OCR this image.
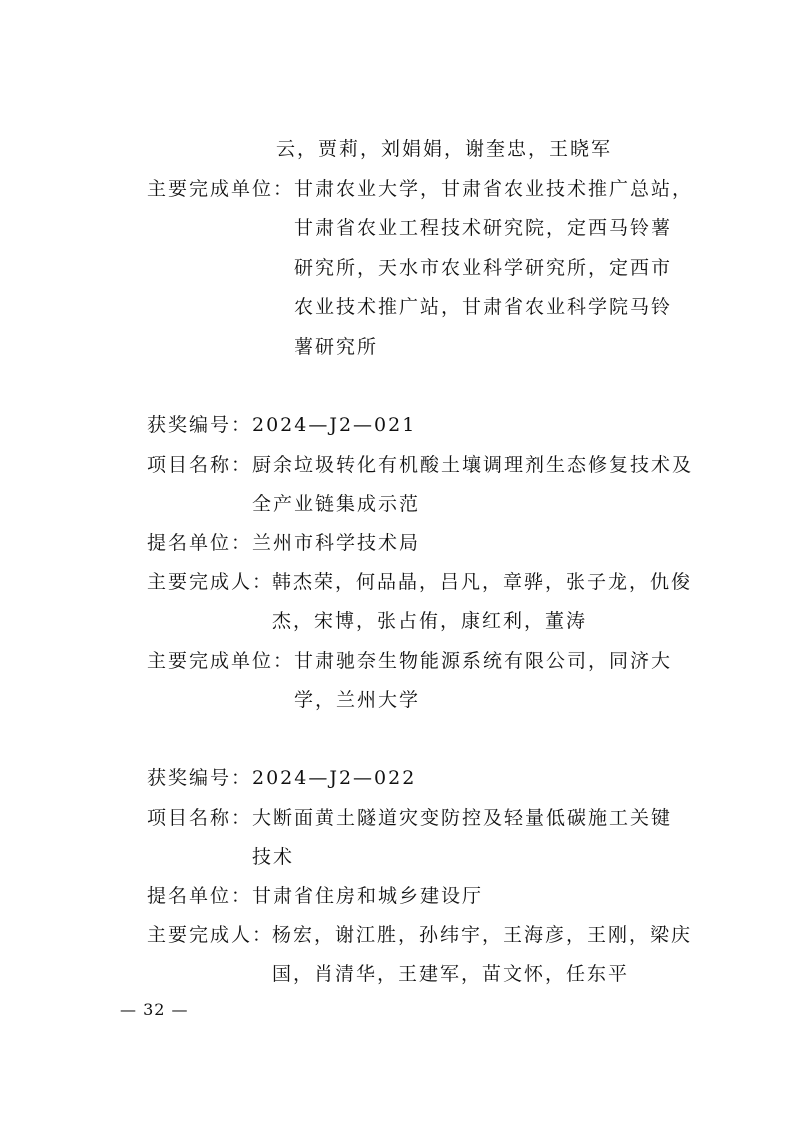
云，贾莉，刘娟娟，谢奎忠，王晓军
主要完成单位： 甘肃农业大学，甘肃省农业技术推广总站，
甘肃省农业工程技术研究院，定西马铃薯
研究所，天水市农业科学研究所，定西市
农业技术推广站，甘肃省农业科学院马铃
薯研究所
获奖编号：2024—J2—021
项目名称： 厨余垃圾转化有机酸土壤调理剂生态修复技术及
全产业链集成示范
提名单位：兰州市科学技术局
主要完成人：
韩杰荣，何品晶，吕凡，章骅，张子龙，仇俊
杰，宋博，张占侑，康红利，董涛
主要完成单位： 甘肃驰奈生物能源系统有限公司，同济大
学，兰州大学
获奖编号：2024—J2—022
项目名称： 大断面黄土隧道灾变防控及轻量低碳施工关键
技术
提名单位：甘肃省住房和城乡建设厅
主要完成人：
杨宏，谢江胜，孙纬宇，王海彦，王刚，梁庆
国，肖清华，王建军，苗文怀，任东平
— 32 —
